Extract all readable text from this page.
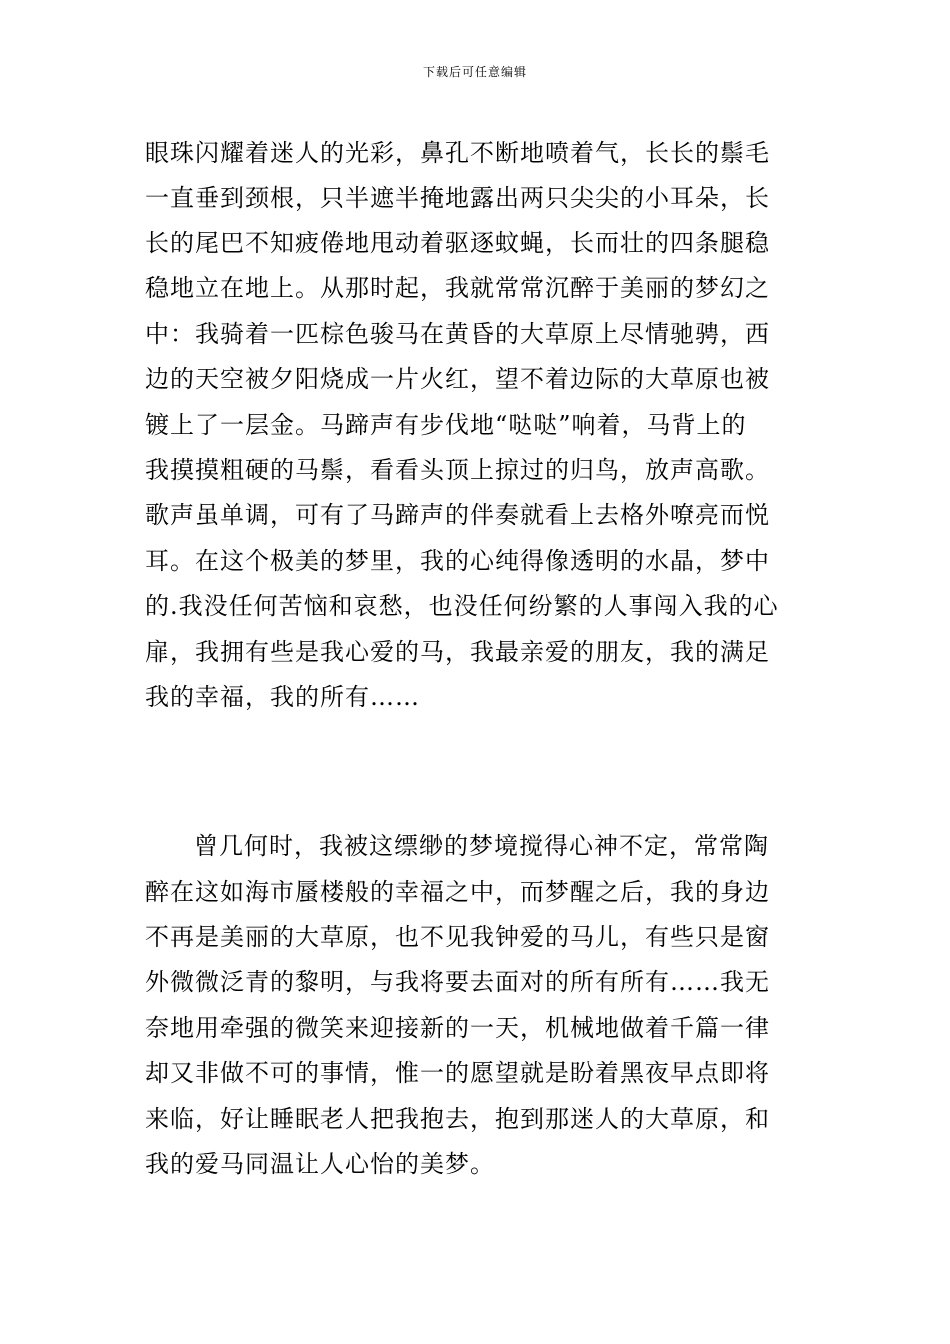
下载后可任意编辑
眼珠闪耀着迷人的光彩，鼻孔不断地喷着气，长长的鬃毛
一直垂到颈根，只半遮半掩地露出两只尖尖的小耳朵，长
长的尾巴不知疲倦地甩动着驱逐蚊蝇，长而壮的四条腿稳
稳地立在地上。从那时起，我就常常沉醉于美丽的梦幻之
中：我骑着一匹棕色骏马在黄昏的大草原上尽情驰骋，西
边的天空被夕阳烧成一片火红，望不着边际的大草原也被
镀上了一层金。马蹄声有步伐地“哒哒”响着，马背上的
我摸摸粗硬的马鬃，看看头顶上掠过的归鸟，放声高歌。
歌声虽单调，可有了马蹄声的伴奏就看上去格外嘹亮而悦
耳。在这个极美的梦里，我的心纯得像透明的水晶，梦中
的.我没任何苦恼和哀愁，也没任何纷繁的人事闯入我的心
扉，我拥有些是我心爱的马，我最亲爱的朋友，我的满足
我的幸福，我的所有……
曾几何时，我被这缥缈的梦境搅得心神不定，常常陶
醉在这如海市蜃楼般的幸福之中，而梦醒之后，我的身边
不再是美丽的大草原，也不见我钟爱的马儿，有些只是窗
外微微泛青的黎明，与我将要去面对的所有所有……我无
奈地用牵强的微笑来迎接新的一天，机械地做着千篇一律
却又非做不可的事情，惟一的愿望就是盼着黑夜早点即将
来临，好让睡眠老人把我抱去，抱到那迷人的大草原，和
我的爱马同温让人心怡的美梦。
